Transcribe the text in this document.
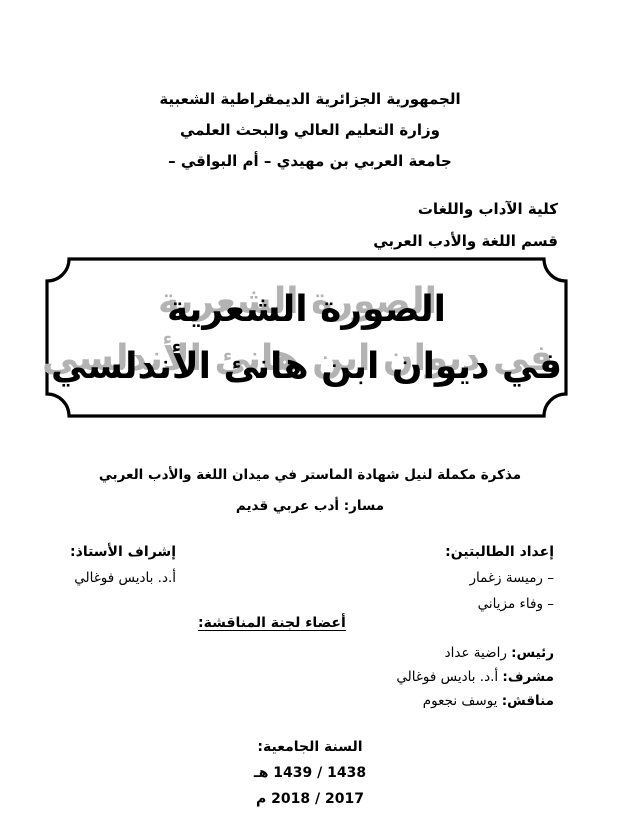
الجمهورية الجزائرية الديمقراطية الشعبية
وزارة التعليم العالي والبحث العلمي
جامعة العربي بن مهيدي – أم البواقي –
كلية الآداب واللغات
قسم اللغة والأدب العربي
الصورة الشعرية
في ديوان ابن هانئ الأندلسي
مذكرة مكملة لنيل شهادة الماستر في ميدان اللغة والأدب العربي
مسار: أدب عربي قديم
إعداد الطالبتين:
– رميسة زغمار
– وفاء مزياني
إشراف الأستاذ:
أ.د. باديس فوغالي
أعضاء لجنة المناقشة:
رئيس: راضية عداد
مشرف: أ.د. باديس فوغالي
مناقش: يوسف نجعوم
السنة الجامعية:
1438 / 1439 هـ
2017 / 2018 م
